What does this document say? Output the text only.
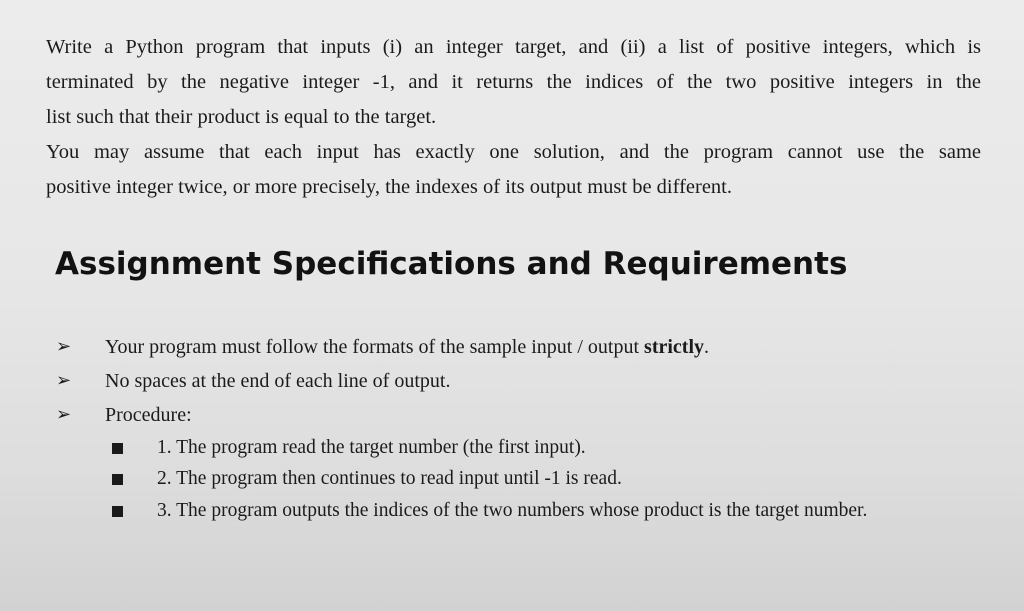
Write a Python program that inputs (i) an integer target, and (ii) a list of positive integers, which is
terminated by the negative integer -1, and it returns the indices of the two positive integers in the
list such that their product is equal to the target.
You may assume that each input has exactly one solution, and the program cannot use the same
positive integer twice, or more precisely, the indexes of its output must be different.
Assignment Specifications and Requirements
➢ Your program must follow the formats of the sample input / output strictly.
➢ No spaces at the end of each line of output.
➢ Procedure:
1. The program read the target number (the first input).
2. The program then continues to read input until -1 is read.
3. The program outputs the indices of the two numbers whose product is the target number.
